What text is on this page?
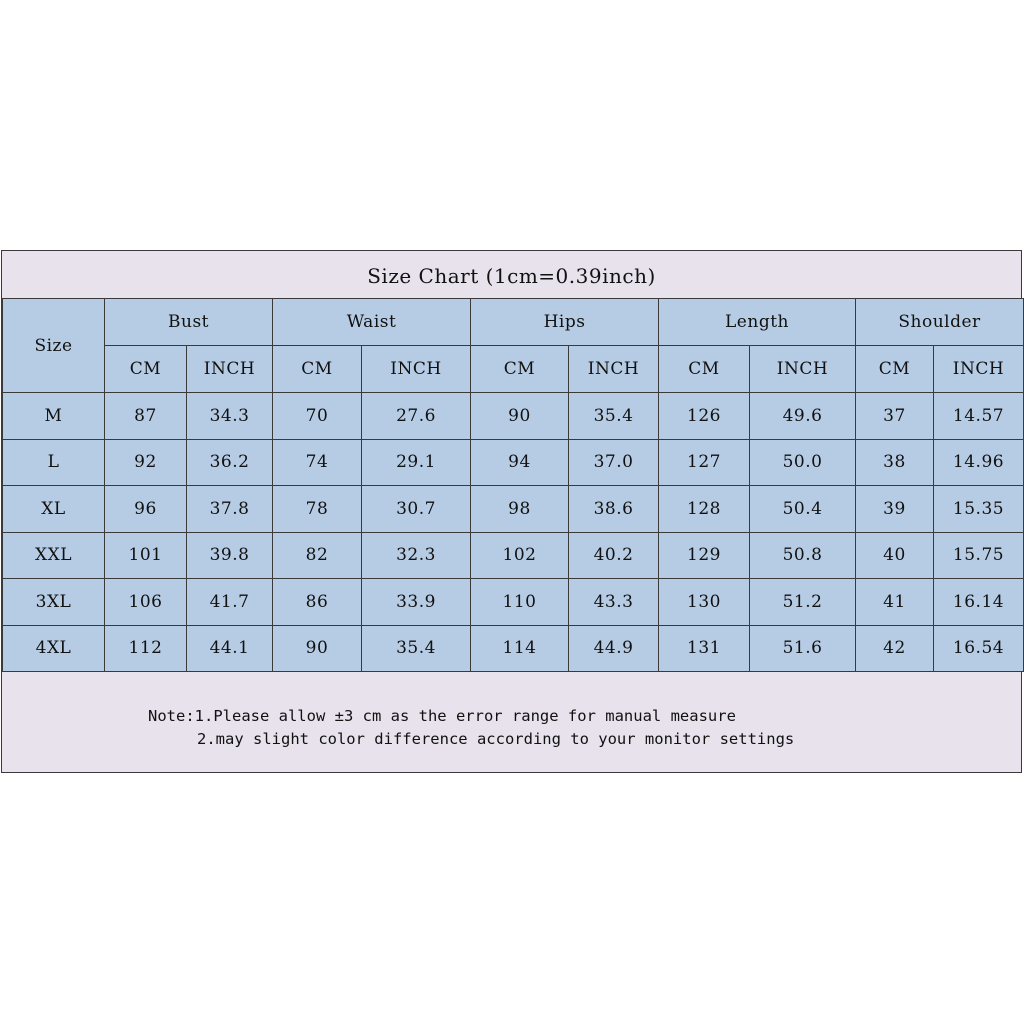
Size Chart (1cm=0.39inch)
Size	Bust		Waist		Hips		Length		Shoulder	
	CM	INCH	CM	INCH	CM	INCH	CM	INCH	CM	INCH
M	87	34.3	70	27.6	90	35.4	126	49.6	37	14.57
L	92	36.2	74	29.1	94	37.0	127	50.0	38	14.96
XL	96	37.8	78	30.7	98	38.6	128	50.4	39	15.35
XXL	101	39.8	82	32.3	102	40.2	129	50.8	40	15.75
3XL	106	41.7	86	33.9	110	43.3	130	51.2	41	16.14
4XL	112	44.1	90	35.4	114	44.9	131	51.6	42	16.54
Note:1.Please allow ±3 cm as the error range for manual measure
2.may slight color difference according to your monitor settings
